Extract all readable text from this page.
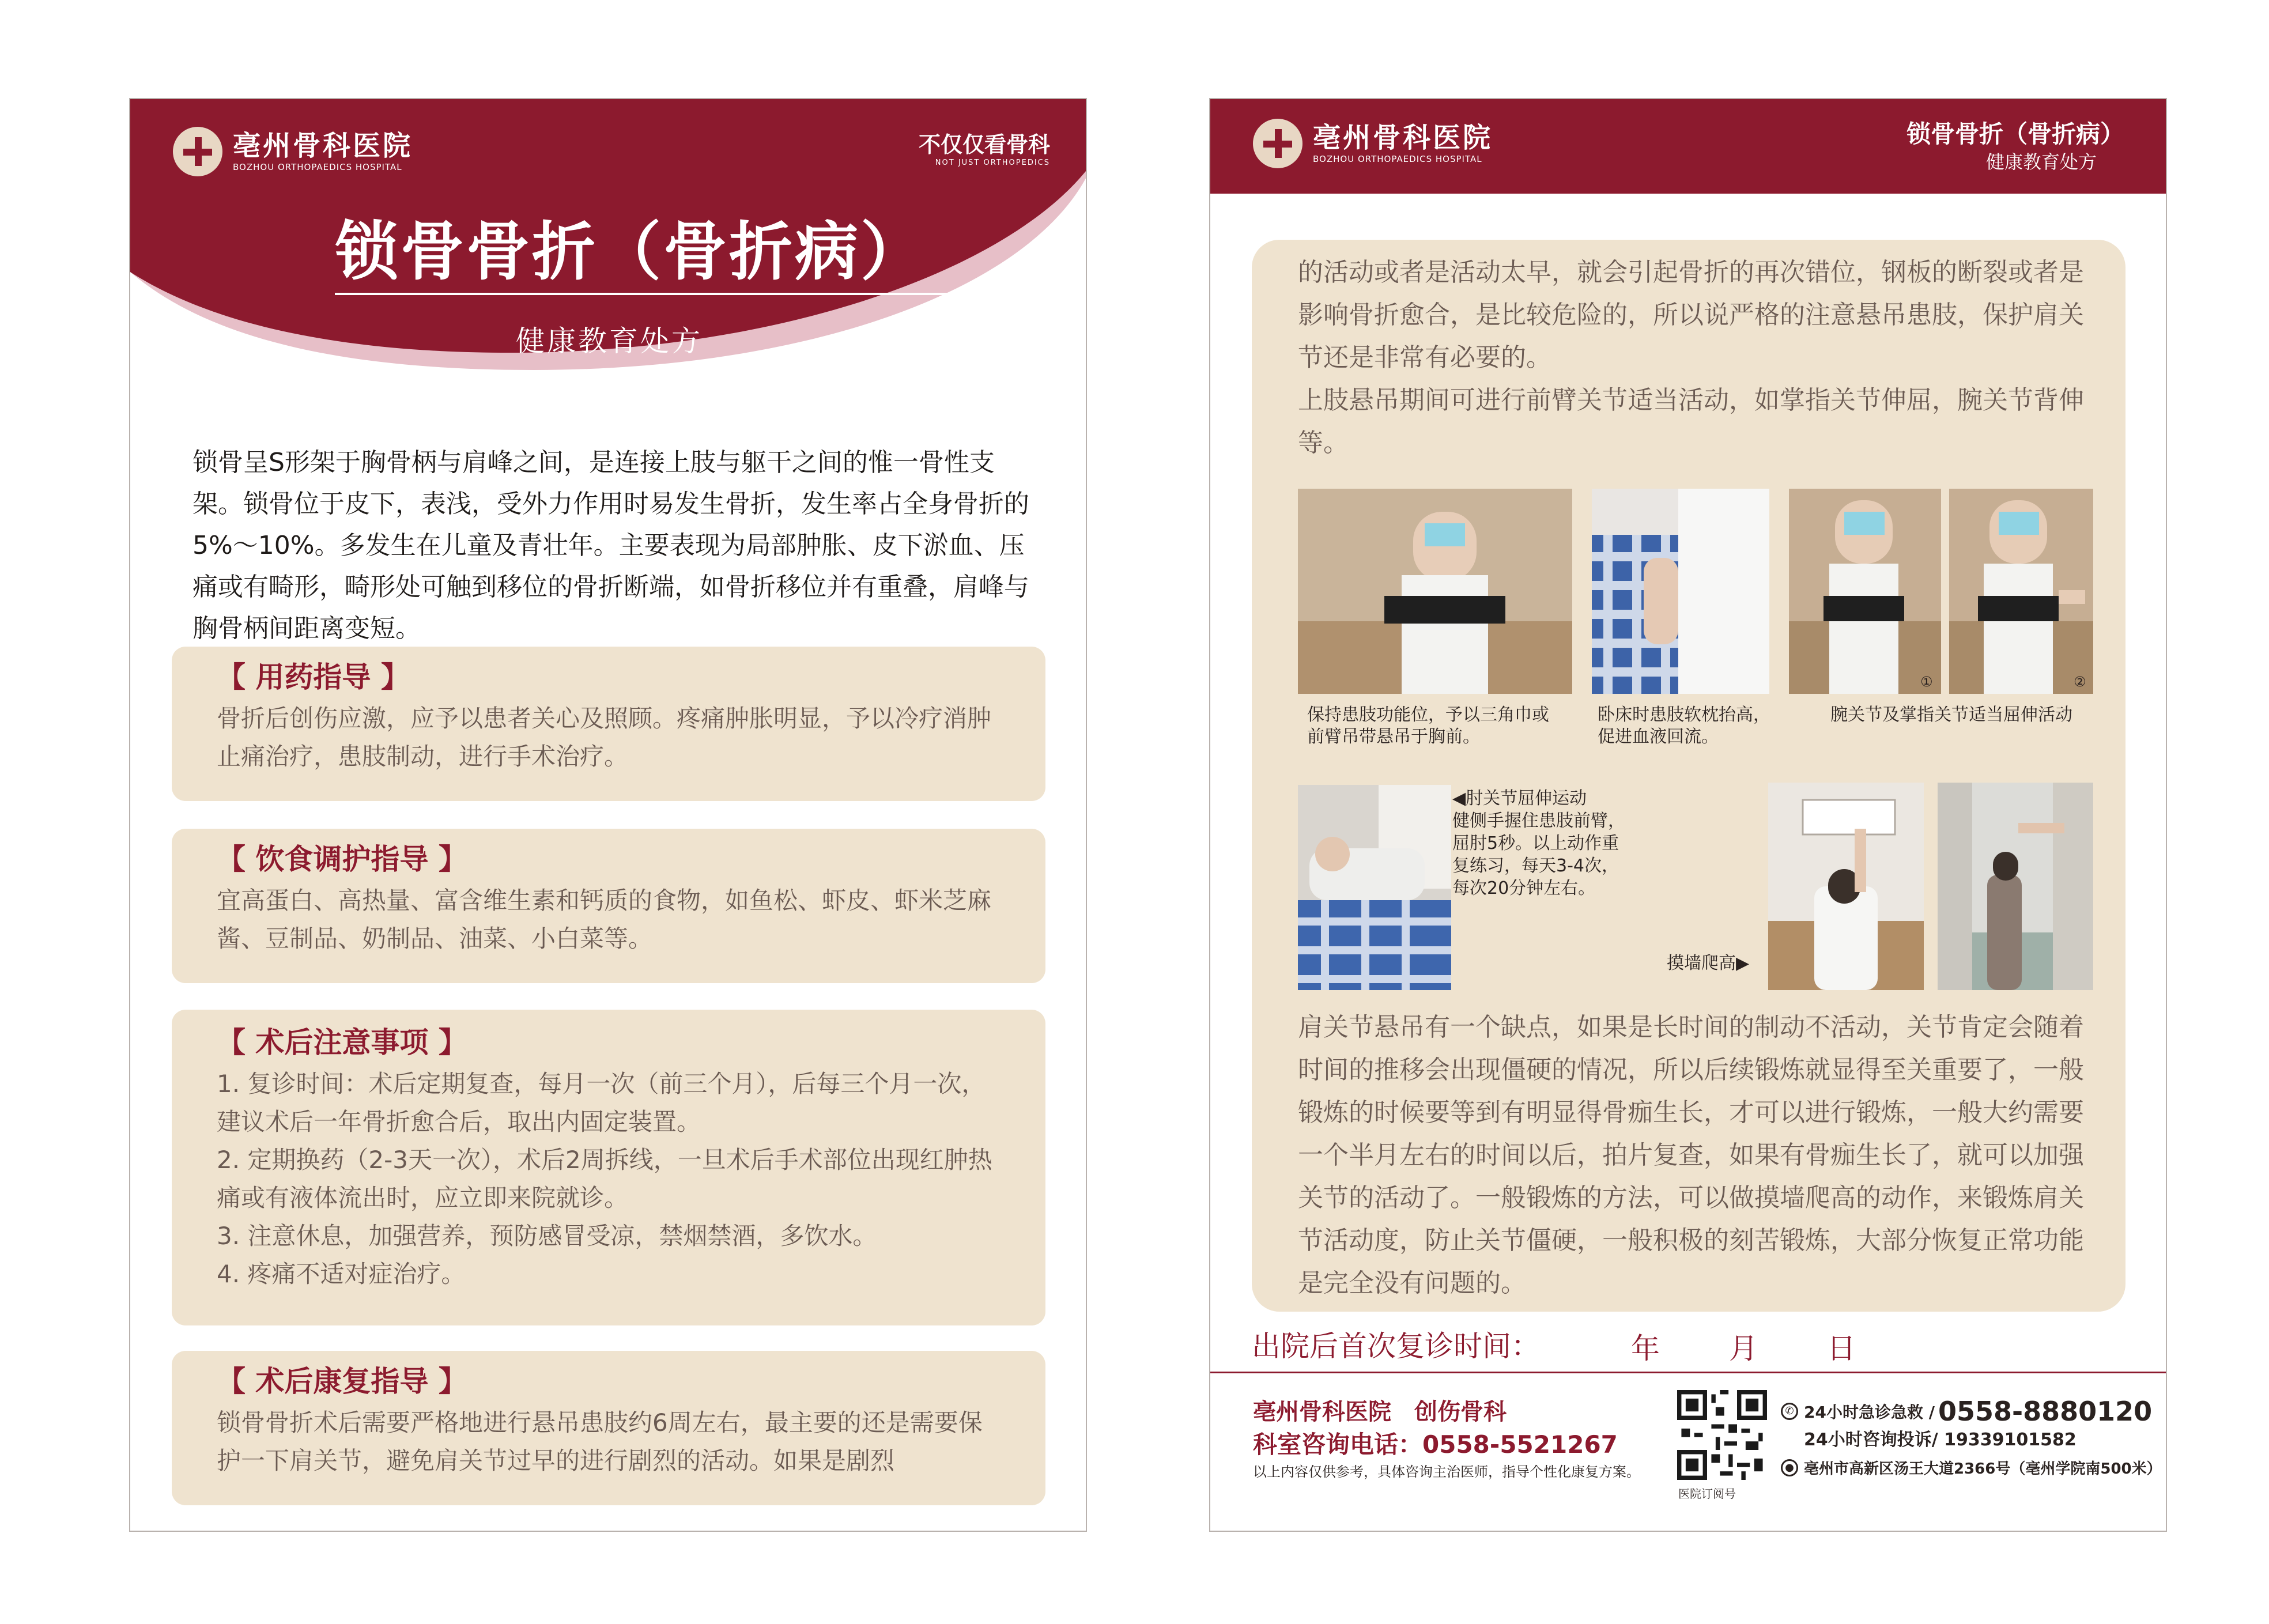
亳州骨科医院
BOZHOU ORTHOPAEDICS HOSPITAL
不仅仅看骨科
NOT JUST ORTHOPEDICS
锁骨骨折（骨折病）
健康教育处方

锁骨呈S形架于胸骨柄与肩峰之间，是连接上肢与躯干之间的惟一骨性支架。锁骨位于皮下，表浅，受外力作用时易发生骨折，发生率占全身骨折的5%～10%。多发生在儿童及青壮年。主要表现为局部肿胀、皮下淤血、压痛或有畸形，畸形处可触到移位的骨折断端，如骨折移位并有重叠，肩峰与胸骨柄间距离变短。

【 用药指导 】

骨折后创伤应激，应予以患者关心及照顾。疼痛肿胀明显，予以冷疗消肿止痛治疗，患肢制动，进行手术治疗。

【 饮食调护指导 】

宜高蛋白、高热量、富含维生素和钙质的食物，如鱼松、虾皮、虾米芝麻酱、豆制品、奶制品、油菜、小白菜等。

【 术后注意事项 】

1. 复诊时间：术后定期复查，每月一次（前三个月），后每三个月一次，建议术后一年骨折愈合后，取出内固定装置。

2. 定期换药（2-3天一次），术后2周拆线，一旦术后手术部位出现红肿热痛或有液体流出时，应立即来院就诊。

3. 注意休息，加强营养，预防感冒受凉，禁烟禁酒，多饮水。

4. 疼痛不适对症治疗。

【 术后康复指导 】

锁骨骨折术后需要严格地进行悬吊患肢约6周左右，最主要的还是需要保护一下肩关节，避免肩关节过早的进行剧烈的活动。如果是剧烈

亳州骨科医院
BOZHOU ORTHOPAEDICS HOSPITAL
锁骨骨折（骨折病）
健康教育处方

的活动或者是活动太早，就会引起骨折的再次错位，钢板的断裂或者是影响骨折愈合，是比较危险的，所以说严格的注意悬吊患肢，保护肩关节还是非常有必要的。

上肢悬吊期间可进行前臂关节适当活动，如掌指关节伸屈，腕关节背伸等。

①	②

保持患肢功能位，予以三角巾或

前臂吊带悬吊于胸前。

卧床时患肢软枕抬高，

促进血液回流。

腕关节及掌指关节适当屈伸活动

◀肘关节屈伸运动

健侧手握住患肢前臂，

屈肘5秒。以上动作重

复练习，每天3-4次，

每次20分钟左右。

摸墙爬高▶
肩关节悬吊有一个缺点，如果是长时间的制动不活动，关节肯定会随着时间的推移会出现僵硬的情况，所以后续锻炼就显得至关重要了，一般锻炼的时候要等到有明显得骨痂生长，才可以进行锻炼，一般大约需要一个半月左右的时间以后，拍片复查，如果有骨痂生长了，就可以加强关节的活动了。一般锻炼的方法，可以做摸墙爬高的动作，来锻炼肩关节活动度，防止关节僵硬，一般积极的刻苦锻炼，大部分恢复正常功能是完全没有问题的。
出院后首次复诊时间：	年	月	日
亳州骨科医院　创伤骨科
科室咨询电话：0558-5521267
以上内容仅供参考，具体咨询主治医师，指导个性化康复方案。
医院订阅号
✆ 24小时急诊急救 / 0558-8880120
24小时咨询投诉/ 19339101582
● 亳州市高新区汤王大道2366号（亳州学院南500米）
